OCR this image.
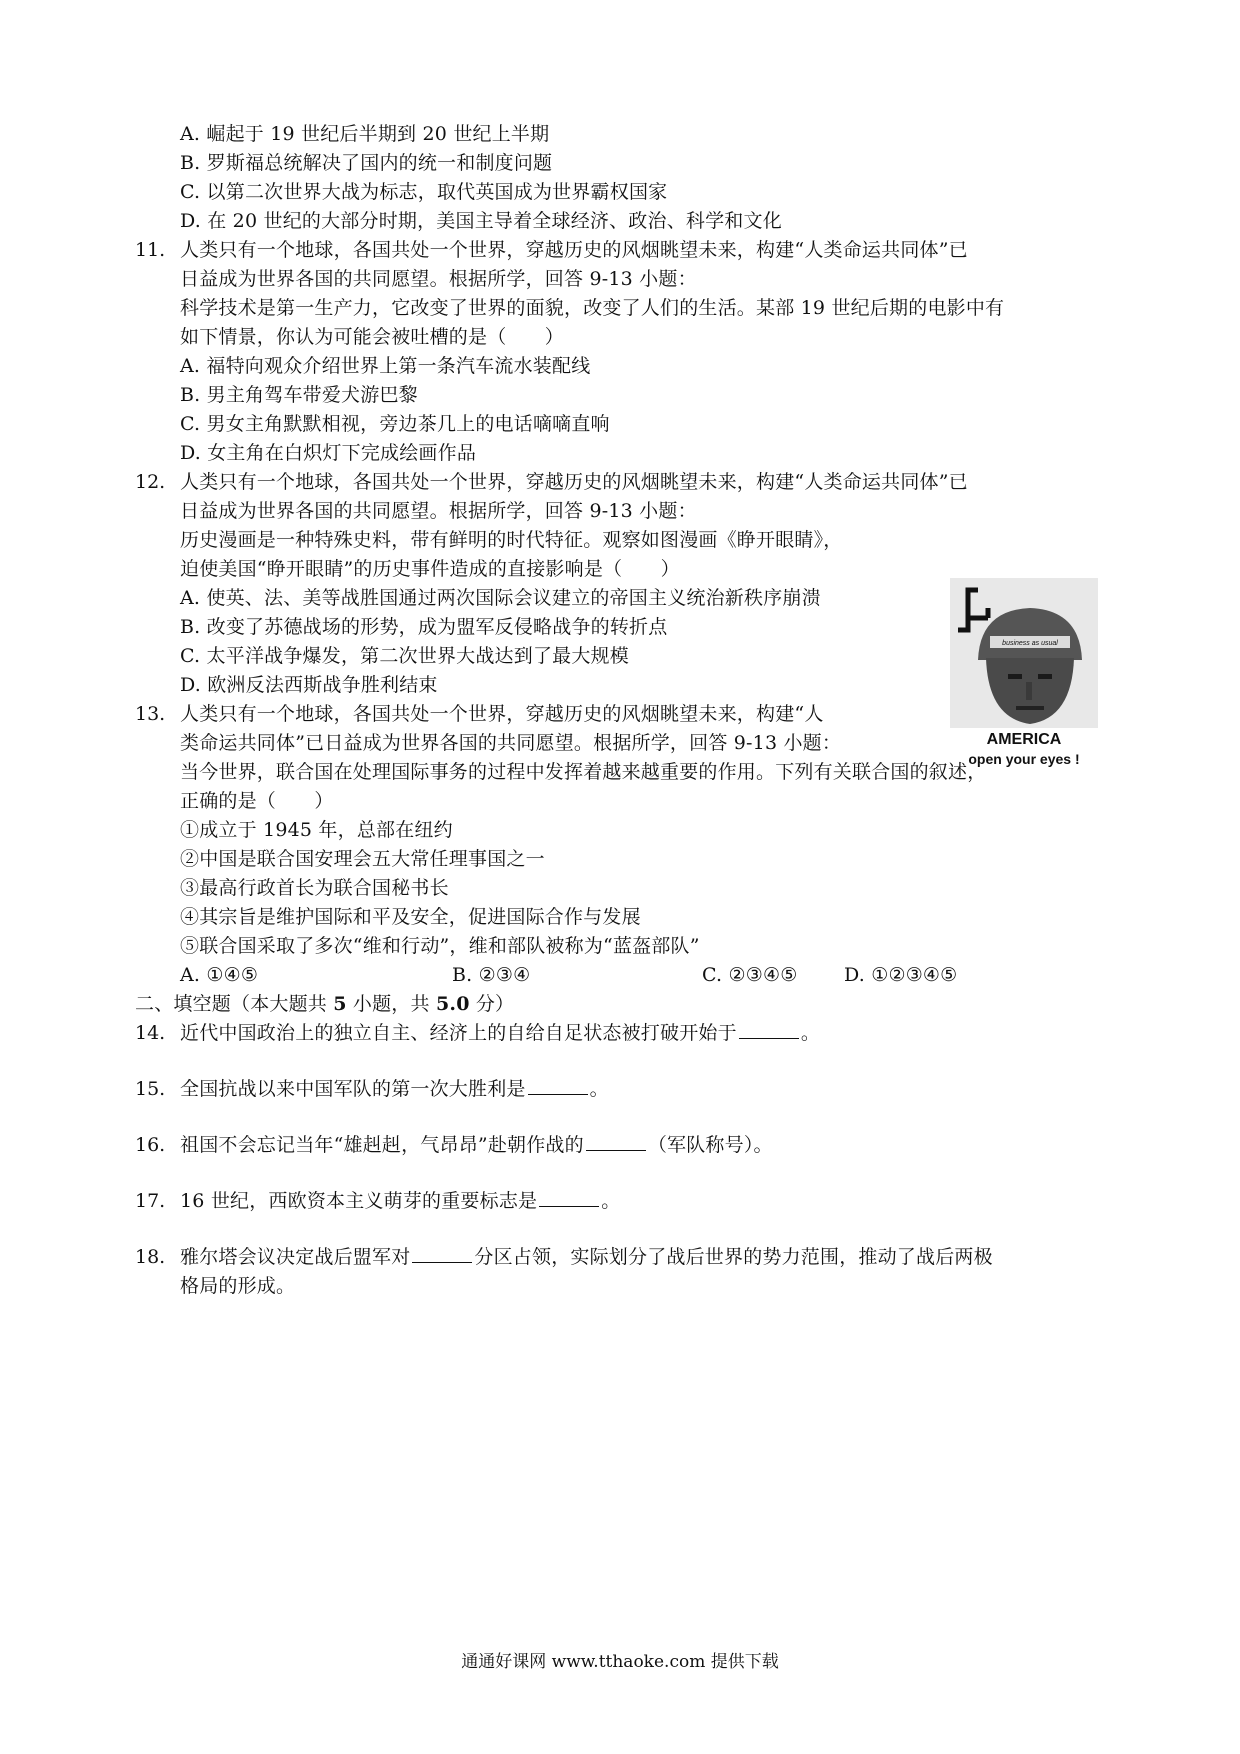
A. 崛起于 19 世纪后半期到 20 世纪上半期
B. 罗斯福总统解决了国内的统一和制度问题
C. 以第二次世界大战为标志，取代英国成为世界霸权国家
D. 在 20 世纪的大部分时期，美国主导着全球经济、政治、科学和文化
11. 人类只有一个地球，各国共处一个世界，穿越历史的风烟眺望未来，构建“人类命运共同体”已
日益成为世界各国的共同愿望。根据所学，回答 9-13 小题：
科学技术是第一生产力，它改变了世界的面貌，改变了人们的生活。某部 19 世纪后期的电影中有
如下情景，你认为可能会被吐槽的是（　　）
A. 福特向观众介绍世界上第一条汽车流水装配线
B. 男主角驾车带爱犬游巴黎
C. 男女主角默默相视，旁边茶几上的电话嘀嘀直响
D. 女主角在白炽灯下完成绘画作品
12. 人类只有一个地球，各国共处一个世界，穿越历史的风烟眺望未来，构建“人类命运共同体”已
日益成为世界各国的共同愿望。根据所学，回答 9-13 小题：
历史漫画是一种特殊史料，带有鲜明的时代特征。观察如图漫画《睁开眼睛》，
迫使美国“睁开眼睛”的历史事件造成的直接影响是（　　）
A. 使英、法、美等战胜国通过两次国际会议建立的帝国主义统治新秩序崩溃
B. 改变了苏德战场的形势，成为盟军反侵略战争的转折点
C. 太平洋战争爆发，第二次世界大战达到了最大规模
D. 欧洲反法西斯战争胜利结束
business as usual
AMERICA
open your eyes !
13. 人类只有一个地球，各国共处一个世界，穿越历史的风烟眺望未来，构建“人
类命运共同体”已日益成为世界各国的共同愿望。根据所学，回答 9-13 小题：
当今世界，联合国在处理国际事务的过程中发挥着越来越重要的作用。下列有关联合国的叙述，
正确的是（　　）
①成立于 1945 年，总部在纽约
②中国是联合国安理会五大常任理事国之一
③最高行政首长为联合国秘书长
④其宗旨是维护国际和平及安全，促进国际合作与发展
⑤联合国采取了多次“维和行动”，维和部队被称为“蓝盔部队”
A. ①④⑤	B. ②③④	C. ②③④⑤ D. ①②③④⑤
二、填空题（本大题共 5 小题，共 5.0 分）
14. 近代中国政治上的独立自主、经济上的自给自足状态被打破开始于	。
15. 全国抗战以来中国军队的第一次大胜利是	。
16. 祖国不会忘记当年“雄赳赳，气昂昂”赴朝作战的	（军队称号）。
17. 16 世纪，西欧资本主义萌芽的重要标志是	。
18. 雅尔塔会议决定战后盟军对	分区占领，实际划分了战后世界的势力范围，推动了战后两极
格局的形成。
通通好课网 www.tthaoke.com 提供下载
